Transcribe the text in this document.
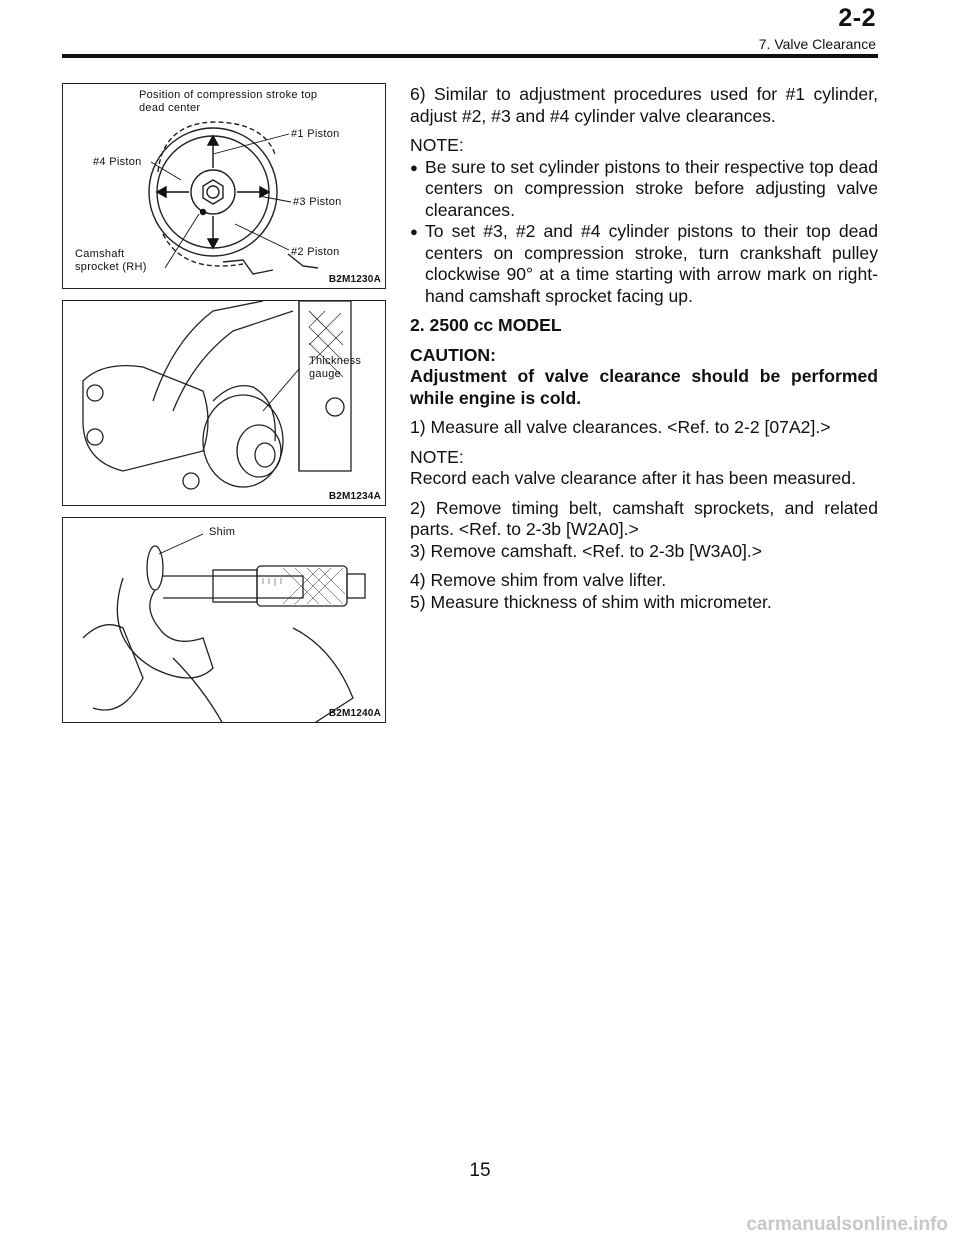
2-2
7. Valve Clearance
Position of compression stroke top dead center
#1 Piston
#4 Piston
#3 Piston
#2 Piston
Camshaft sprocket (RH)
B2M1230A
Thickness gauge
B2M1234A
Shim
B2M1240A

6) Similar to adjustment procedures used for #1 cylinder, adjust #2, #3 and #4 cylinder valve clearances.

NOTE:

● Be sure to set cylinder pistons to their respective top dead centers on compression stroke before adjusting valve clearances.
● To set #3, #2 and #4 cylinder pistons to their top dead centers on compression stroke, turn crankshaft pulley clockwise 90° at a time starting with arrow mark on right-hand camshaft sprocket facing up.

2. 2500 cc MODEL

CAUTION:

Adjustment of valve clearance should be performed while engine is cold.

1) Measure all valve clearances. <Ref. to 2-2 [07A2].>

NOTE:

Record each valve clearance after it has been measured.

2) Remove timing belt, camshaft sprockets, and related parts. <Ref. to 2-3b [W2A0].>

3) Remove camshaft. <Ref. to 2-3b [W3A0].>

4) Remove shim from valve lifter.

5) Measure thickness of shim with micrometer.

15
carmanualsonline.info
